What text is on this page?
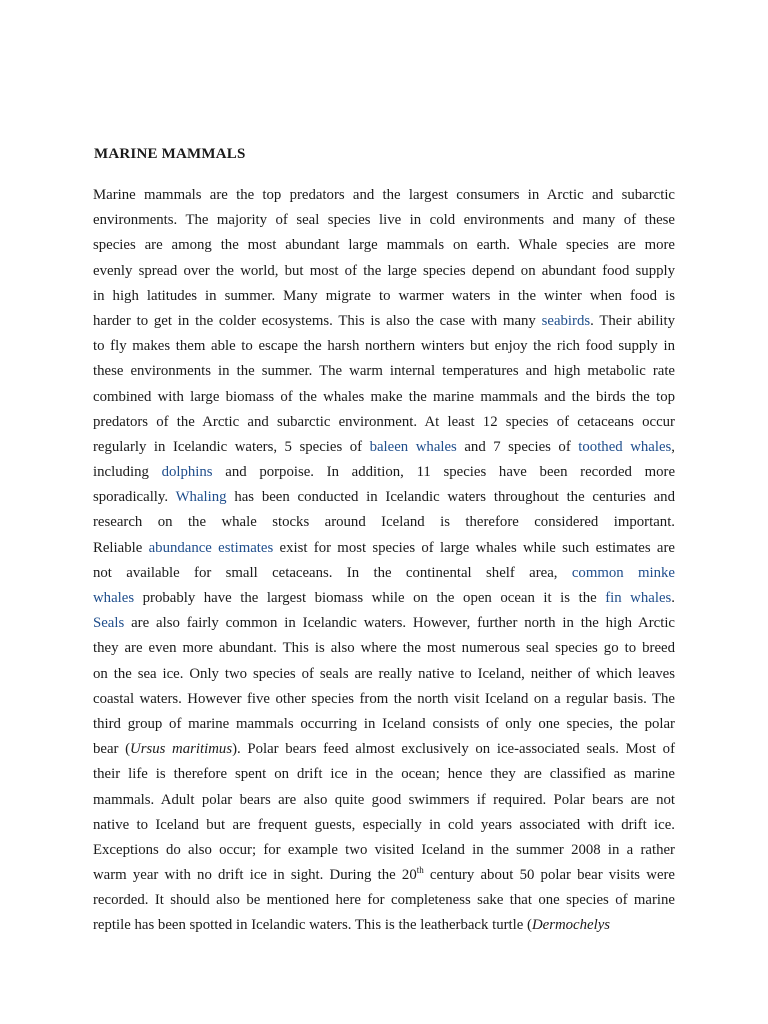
MARINE MAMMALS
Marine mammals are the top predators and the largest consumers in Arctic and subarctic
environments. The majority of seal species live in cold environments and many of these
species are among the most abundant large mammals on earth. Whale species are more
evenly spread over the world, but most of the large species depend on abundant food supply
in high latitudes in summer. Many migrate to warmer waters in the winter when food is
harder to get in the colder ecosystems. This is also the case with many seabirds. Their ability
to fly makes them able to escape the harsh northern winters but enjoy the rich food supply in
these environments in the summer. The warm internal temperatures and high metabolic rate
combined with large biomass of the whales make the marine mammals and the birds the top
predators of the Arctic and subarctic environment. At least 12 species of cetaceans occur
regularly in Icelandic waters, 5 species of baleen whales and 7 species of toothed whales,
including dolphins and porpoise. In addition, 11 species have been recorded more
sporadically. Whaling has been conducted in Icelandic waters throughout the centuries and
research on the whale stocks around Iceland is therefore considered important.
Reliable abundance estimates exist for most species of large whales while such estimates are
not available for small cetaceans. In the continental shelf area, common minke
whales probably have the largest biomass while on the open ocean it is the fin whales.
Seals are also fairly common in Icelandic waters. However, further north in the high Arctic
they are even more abundant. This is also where the most numerous seal species go to breed
on the sea ice. Only two species of seals are really native to Iceland, neither of which leaves
coastal waters. However five other species from the north visit Iceland on a regular basis. The
third group of marine mammals occurring in Iceland consists of only one species, the polar
bear (Ursus maritimus). Polar bears feed almost exclusively on ice-associated seals. Most of
their life is therefore spent on drift ice in the ocean; hence they are classified as marine
mammals. Adult polar bears are also quite good swimmers if required. Polar bears are not
native to Iceland but are frequent guests, especially in cold years associated with drift ice.
Exceptions do also occur; for example two visited Iceland in the summer 2008 in a rather
warm year with no drift ice in sight. During the 20th century about 50 polar bear visits were
recorded. It should also be mentioned here for completeness sake that one species of marine
reptile has been spotted in Icelandic waters. This is the leatherback turtle (Dermochelys
